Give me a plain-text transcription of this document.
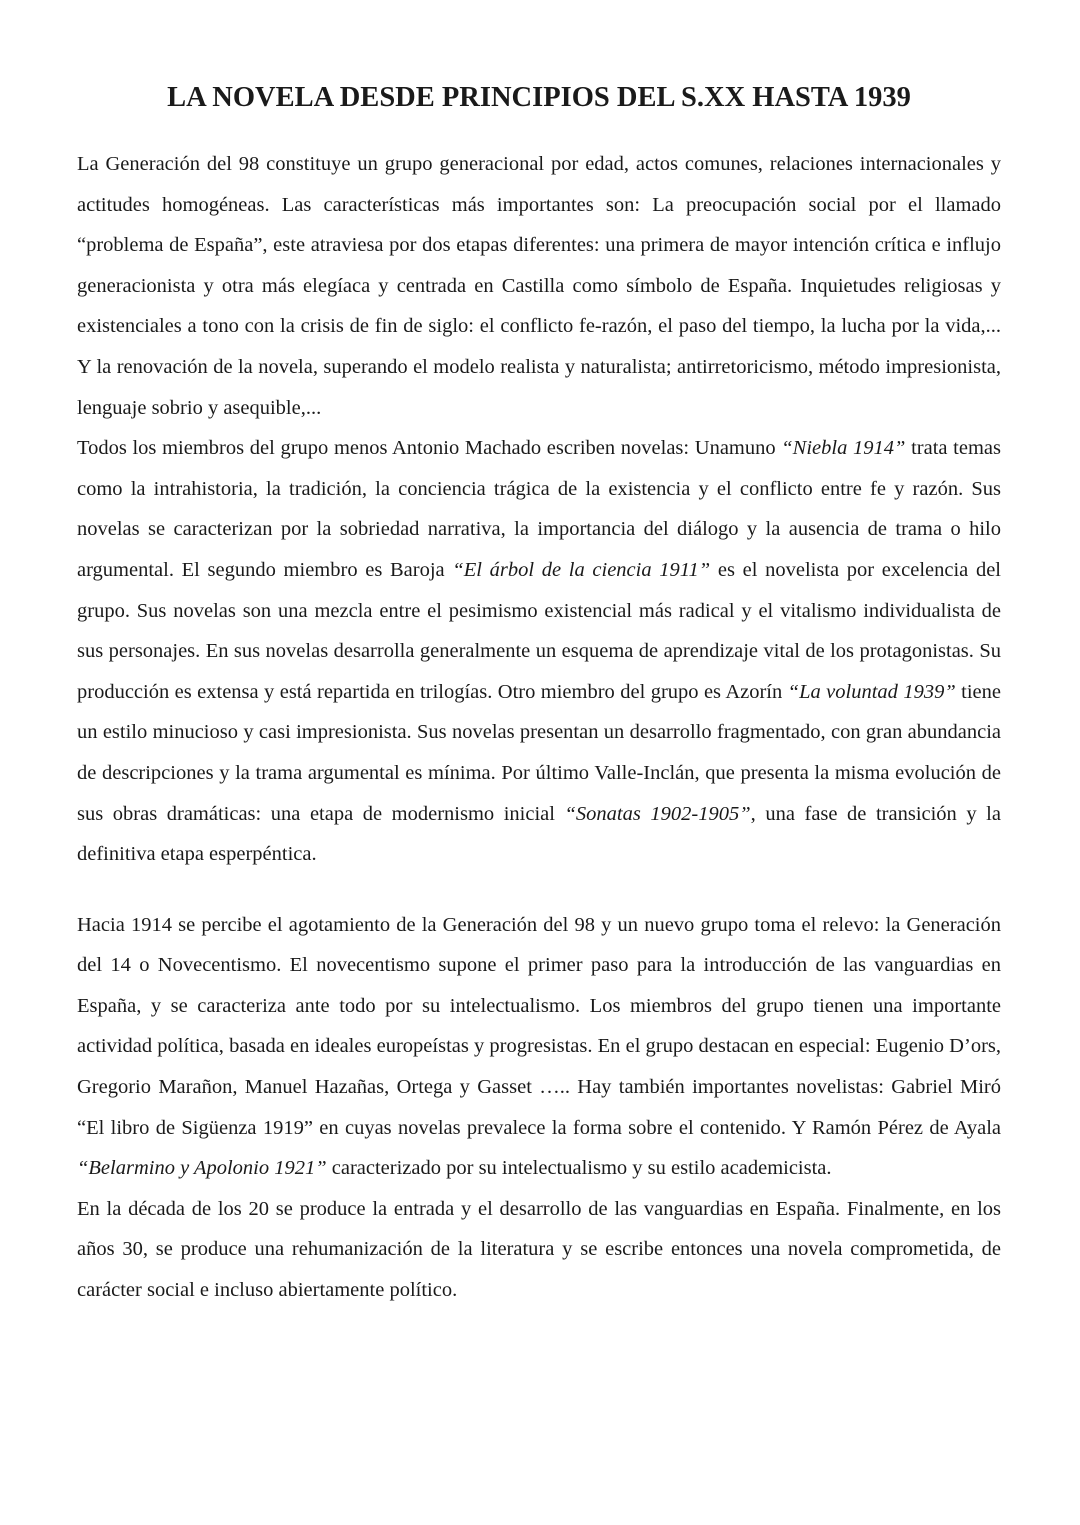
LA NOVELA DESDE PRINCIPIOS DEL S.XX HASTA 1939

La Generación del 98 constituye un grupo generacional por edad, actos comunes, relaciones internacionales y actitudes homogéneas. Las características más importantes son: La preocupación social por el llamado “problema de España”, este atraviesa por dos etapas diferentes: una primera de mayor intención crítica e influjo generacionista y otra más elegíaca y centrada en Castilla como símbolo de España. Inquietudes religiosas y existenciales a tono con la crisis de fin de siglo: el conflicto fe-razón, el paso del tiempo, la lucha por la vida,... Y la renovación de la novela, superando el modelo realista y naturalista; antirretoricismo, método impresionista, lenguaje sobrio y asequible,...

Todos los miembros del grupo menos Antonio Machado escriben novelas: Unamuno “Niebla 1914” trata temas como la intrahistoria, la tradición, la conciencia trágica de la existencia y el conflicto entre fe y razón. Sus novelas se caracterizan por la sobriedad narrativa, la importancia del diálogo y la ausencia de trama o hilo argumental. El segundo miembro es Baroja “El árbol de la ciencia 1911” es el novelista por excelencia del grupo. Sus novelas son una mezcla entre el pesimismo existencial más radical y el vitalismo individualista de sus personajes. En sus novelas desarrolla generalmente un esquema de aprendizaje vital de los protagonistas. Su producción es extensa y está repartida en trilogías. Otro miembro del grupo es Azorín “La voluntad 1939” tiene un estilo minucioso y casi impresionista. Sus novelas presentan un desarrollo fragmentado, con gran abundancia de descripciones y la trama argumental es mínima. Por último Valle-Inclán, que presenta la misma evolución de sus obras dramáticas: una etapa de modernismo inicial “Sonatas 1902-1905”, una fase de transición y la definitiva etapa esperpéntica.

Hacia 1914 se percibe el agotamiento de la Generación del 98 y un nuevo grupo toma el relevo: la Generación del 14 o Novecentismo. El novecentismo supone el primer paso para la introducción de las vanguardias en España, y se caracteriza ante todo por su intelectualismo. Los miembros del grupo tienen una importante actividad política, basada en ideales europeístas y progresistas. En el grupo destacan en especial: Eugenio D’ors, Gregorio Marañon, Manuel Hazañas, Ortega y Gasset ….. Hay también importantes novelistas: Gabriel Miró “El libro de Sigüenza 1919” en cuyas novelas prevalece la forma sobre el contenido. Y Ramón Pérez de Ayala “Belarmino y Apolonio 1921” caracterizado por su intelectualismo y su estilo academicista.

En la década de los 20 se produce la entrada y el desarrollo de las vanguardias en España. Finalmente, en los años 30, se produce una rehumanización de la literatura y se escribe entonces una novela comprometida, de carácter social e incluso abiertamente político.
